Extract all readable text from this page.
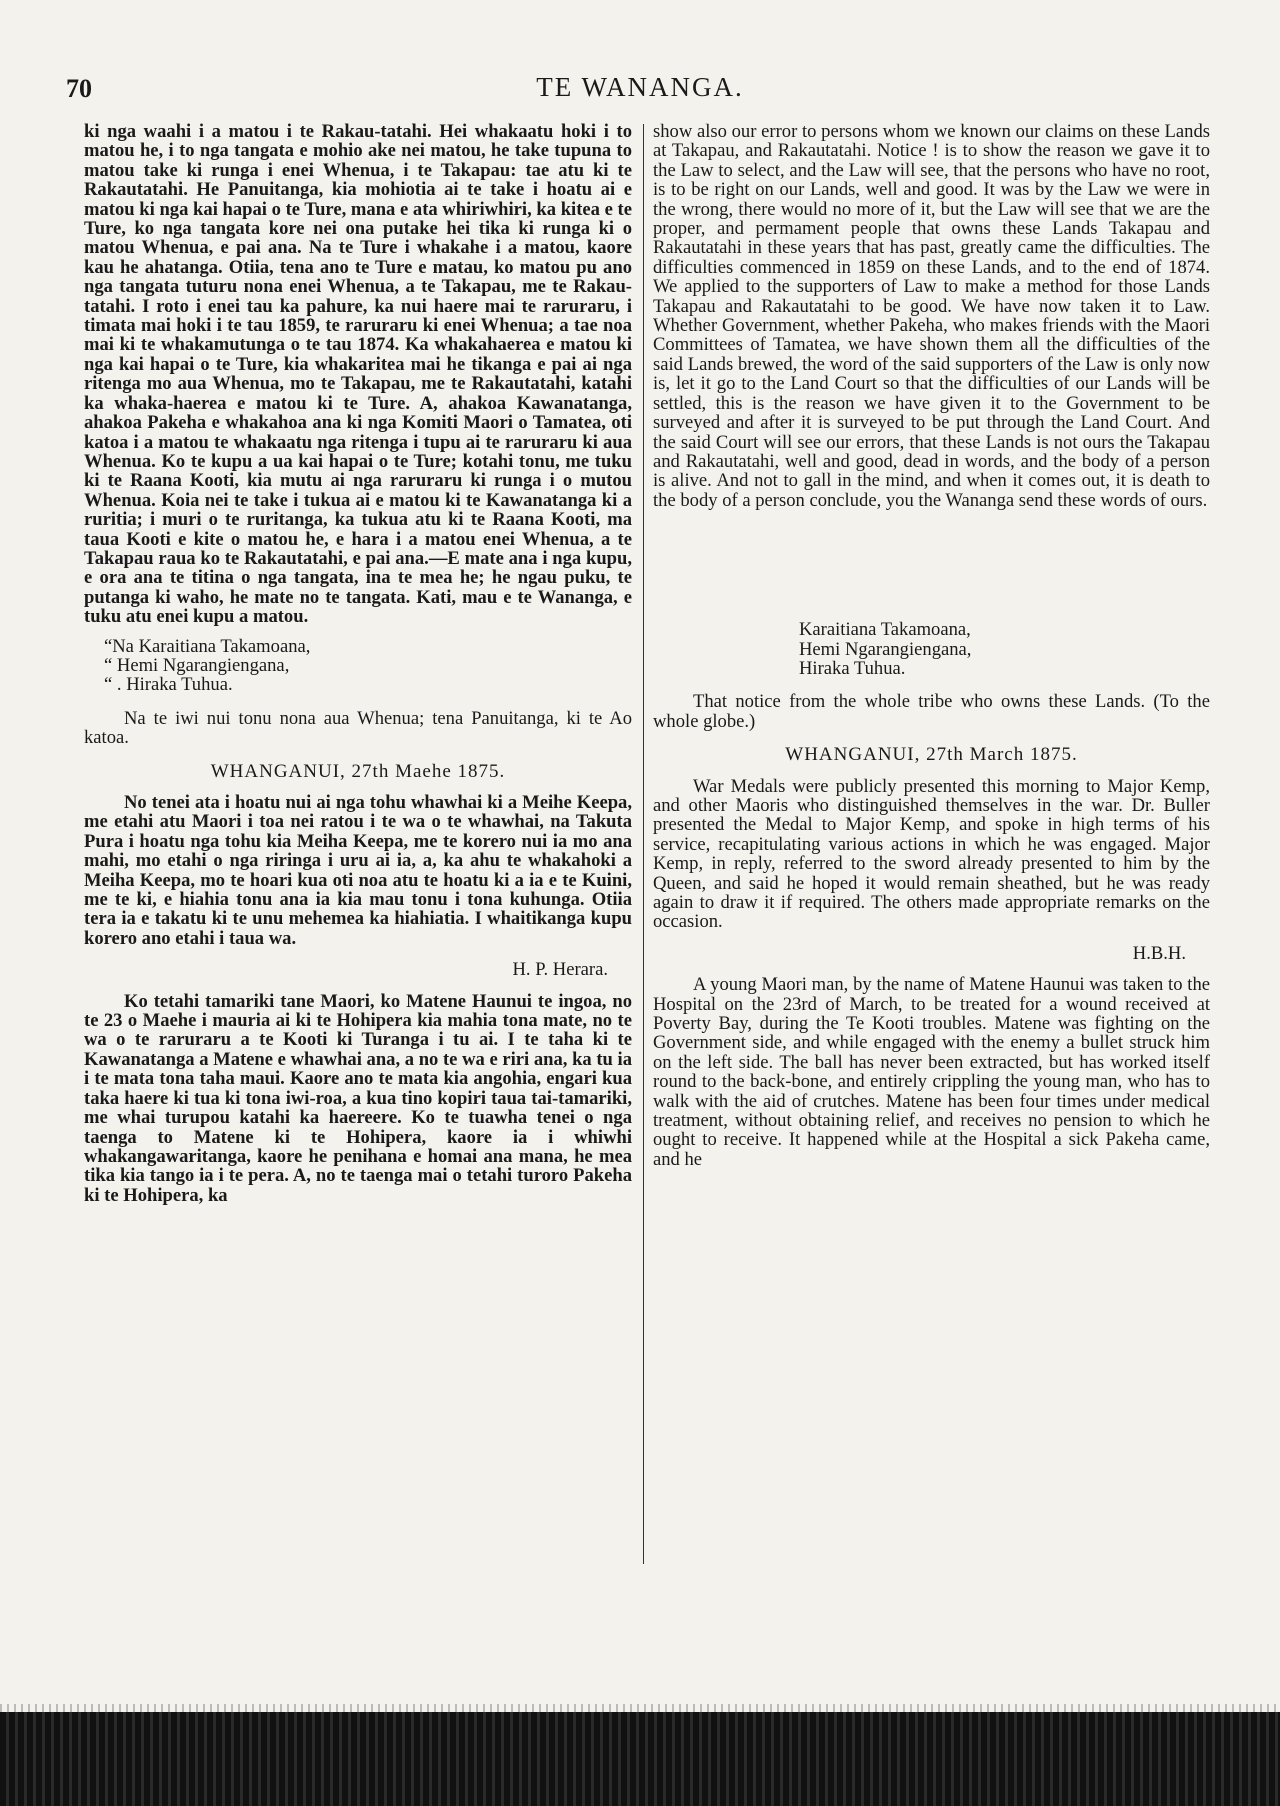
70	TE WANANGA.

ki nga waahi i a matou i te Rakau-tatahi. Hei whakaatu hoki i to matou he, i to nga tangata e mohio ake nei matou, he take tupuna to matou take ki runga i enei Whenua, i te Takapau: tae atu ki te Rakautatahi. He Panuitanga, kia mohiotia ai te take i hoatu ai e matou ki nga kai hapai o te Ture, mana e ata whiriwhiri, ka kitea e te Ture, ko nga tangata kore nei ona putake hei tika ki runga ki o matou Whenua, e pai ana. Na te Ture i whakahe i a matou, kaore kau he ahatanga. Otiia, tena ano te Ture e matau, ko matou pu ano nga tangata tuturu nona enei Whenua, a te Takapau, me te Rakau-tatahi. I roto i enei tau ka pahure, ka nui haere mai te raruraru, i timata mai hoki i te tau 1859, te raruraru ki enei Whenua; a tae noa mai ki te whakamutunga o te tau 1874. Ka whakahaerea e matou ki nga kai hapai o te Ture, kia whakaritea mai he tikanga e pai ai nga ritenga mo aua Whenua, mo te Takapau, me te Rakautatahi, katahi ka whaka-haerea e matou ki te Ture. A, ahakoa Kawanatanga, ahakoa Pakeha e whakahoa ana ki nga Komiti Maori o Tamatea, oti katoa i a matou te whakaatu nga ritenga i tupu ai te raruraru ki aua Whenua. Ko te kupu a ua kai hapai o te Ture; kotahi tonu, me tuku ki te Raana Kooti, kia mutu ai nga raruraru ki runga i o mutou Whenua. Koia nei te take i tukua ai e matou ki te Kawanatanga ki a ruritia; i muri o te ruritanga, ka tukua atu ki te Raana Kooti, ma taua Kooti e kite o matou he, e hara i a matou enei Whenua, a te Takapau raua ko te Rakautatahi, e pai ana.—E mate ana i nga kupu, e ora ana te titina o nga tangata, ina te mea he; he ngau puku, te putanga ki waho, he mate no te tangata. Kati, mau e te Wananga, e tuku atu enei kupu a matou.

“Na Karaitiana Takamoana,
“ Hemi Ngarangiengana,
“ . Hiraka Tuhua.

Na te iwi nui tonu nona aua Whenua; tena Panuitanga, ki te Ao katoa.

WHANGANUI, 27th Maehe 1875.

No tenei ata i hoatu nui ai nga tohu whawhai ki a Meihe Keepa, me etahi atu Maori i toa nei ratou i te wa o te whawhai, na Takuta Pura i hoatu nga tohu kia Meiha Keepa, me te korero nui ia mo ana mahi, mo etahi o nga riringa i uru ai ia, a, ka ahu te whakahoki a Meiha Keepa, mo te hoari kua oti noa atu te hoatu ki a ia e te Kuini, me te ki, e hiahia tonu ana ia kia mau tonu i tona kuhunga. Otiia tera ia e takatu ki te unu mehemea ka hiahiatia. I whaitikanga kupu korero ano etahi i taua wa.

H. P. Herara.

Ko tetahi tamariki tane Maori, ko Matene Haunui te ingoa, no te 23 o Maehe i mauria ai ki te Hohipera kia mahia tona mate, no te wa o te raruraru a te Kooti ki Turanga i tu ai. I te taha ki te Kawanatanga a Matene e whawhai ana, a no te wa e riri ana, ka tu ia i te mata tona taha maui. Kaore ano te mata kia angohia, engari kua taka haere ki tua ki tona iwi-roa, a kua tino kopiri taua tai-tamariki, me whai turupou katahi ka haereere. Ko te tuawha tenei o nga taenga to Matene ki te Hohipera, kaore ia i whiwhi whakangawaritanga, kaore he penihana e homai ana mana, he mea tika kia tango ia i te pera. A, no te taenga mai o tetahi turoro Pakeha ki te Hohipera, ka

show also our error to persons whom we known our claims on these Lands at Takapau, and Rakautatahi. Notice ! is to show the reason we gave it to the Law to select, and the Law will see, that the persons who have no root, is to be right on our Lands, well and good. It was by the Law we were in the wrong, there would no more of it, but the Law will see that we are the proper, and permament people that owns these Lands Takapau and Rakautatahi in these years that has past, greatly came the difficulties. The difficulties commenced in 1859 on these Lands, and to the end of 1874. We applied to the supporters of Law to make a method for those Lands Takapau and Rakautatahi to be good. We have now taken it to Law. Whether Government, whether Pakeha, who makes friends with the Maori Committees of Tamatea, we have shown them all the difficulties of the said Lands brewed, the word of the said supporters of the Law is only now is, let it go to the Land Court so that the difficulties of our Lands will be settled, this is the reason we have given it to the Government to be surveyed and after it is surveyed to be put through the Land Court. And the said Court will see our errors, that these Lands is not ours the Takapau and Rakautatahi, well and good, dead in words, and the body of a person is alive. And not to gall in the mind, and when it comes out, it is death to the body of a person conclude, you the Wananga send these words of ours.

Karaitiana Takamoana,
Hemi Ngarangiengana,
Hiraka Tuhua.

That notice from the whole tribe who owns these Lands. (To the whole globe.)

WHANGANUI, 27th March 1875.

War Medals were publicly presented this morning to Major Kemp, and other Maoris who distinguished themselves in the war. Dr. Buller presented the Medal to Major Kemp, and spoke in high terms of his service, recapitulating various actions in which he was engaged. Major Kemp, in reply, referred to the sword already presented to him by the Queen, and said he hoped it would remain sheathed, but he was ready again to draw it if required. The others made appropriate remarks on the occasion.

H.B.H.

A young Maori man, by the name of Matene Haunui was taken to the Hospital on the 23rd of March, to be treated for a wound received at Poverty Bay, during the Te Kooti troubles. Matene was fighting on the Government side, and while engaged with the enemy a bullet struck him on the left side. The ball has never been extracted, but has worked itself round to the back-bone, and entirely crippling the young man, who has to walk with the aid of crutches. Matene has been four times under medical treatment, without obtaining relief, and receives no pension to which he ought to receive. It happened while at the Hospital a sick Pakeha came, and he
